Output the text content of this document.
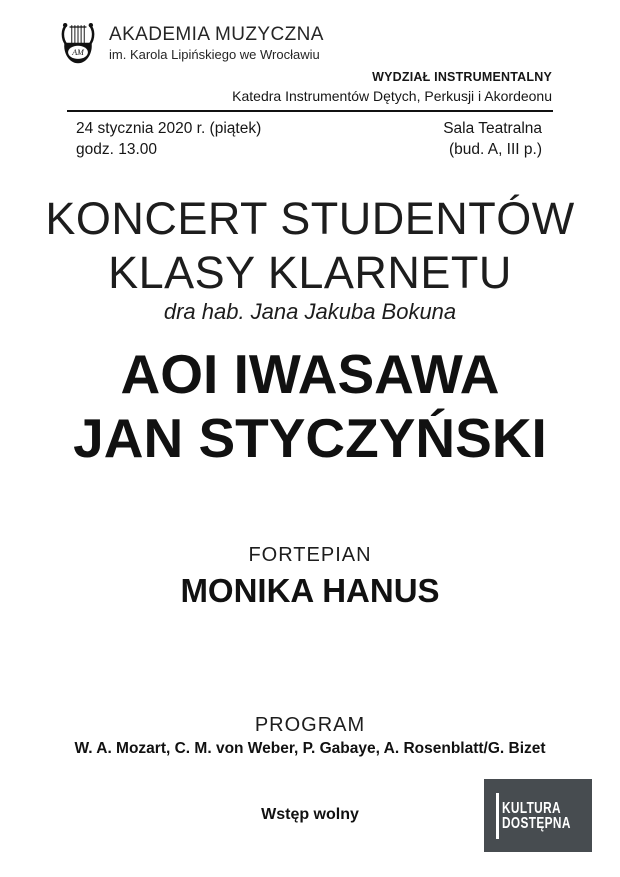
AM
AKADEMIA MUZYCZNA
im. Karola Lipińskiego we Wrocławiu
WYDZIAŁ INSTRUMENTALNY
Katedra Instrumentów Dętych, Perkusji i Akordeonu
24 stycznia 2020 r. (piątek)
godz. 13.00
Sala Teatralna
(bud. A, III p.)
KONCERT STUDENTÓW
KLASY KLARNETU
dra hab. Jana Jakuba Bokuna
AOI IWASAWA
JAN STYCZYŃSKI
FORTEPIAN
MONIKA HANUS
PROGRAM
W. A. Mozart, C. M. von Weber, P. Gabaye, A. Rosenblatt/G. Bizet
Wstęp wolny	KULTURA
DOSTĘPNA
